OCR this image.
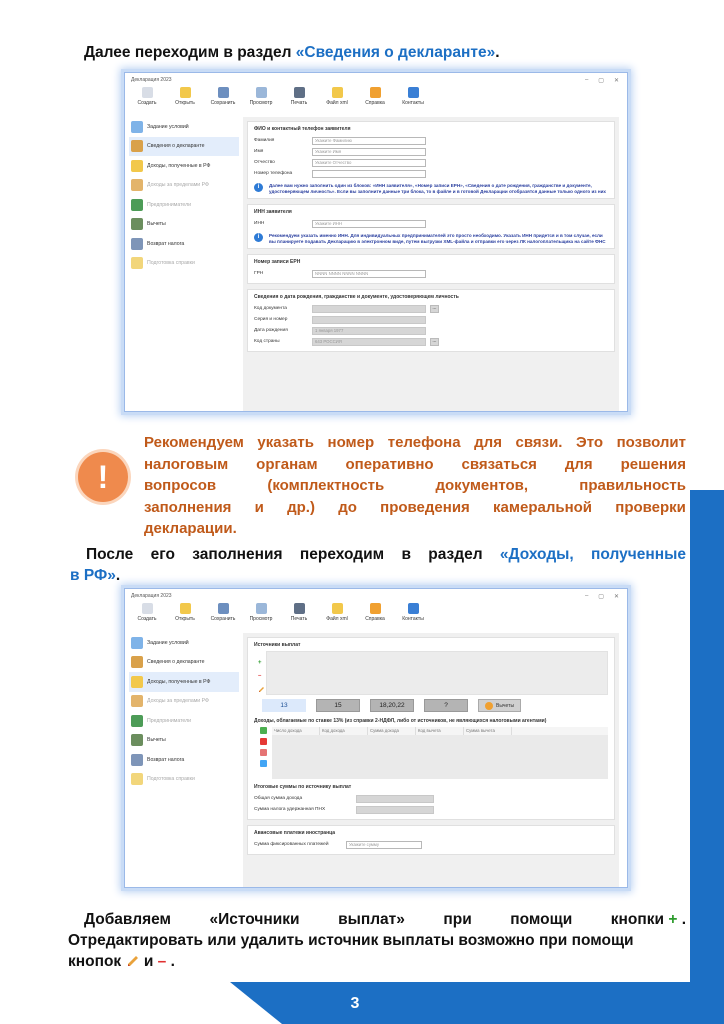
3
Далее переходим в раздел «Сведения о декларанте».
Декларация 2023	– ▢ ✕
Создать	Открыть	Сохранить	Просмотр	Печать	Файл xml	Справка	Контакты
Задание условий
Сведения о декларанте
Доходы, полученные в РФ
Доходы за пределами РФ
Предприниматели
Вычеты
Возврат налога
Подготовка справки
ФИО и контактный телефон заявителя
Фамилия	Укажите Фамилию
Имя	Укажите Имя
Отчество	Укажите Отчество
Номер телефона
i	Далее вам нужно заполнить один из блоков: «ИНН заявителя», «Номер записи ЕРН», «Сведения о дате рождения, гражданстве и документе, удостоверяющем личность». Если вы заполните данные три блока, то в файле и в готовой Декларации отобразятся данные только одного из них
ИНН заявителя
ИНН	Укажите ИНН
i	Рекомендуем указать именно ИНН. Для индивидуальных предпринимателей это просто необходимо. Указать ИНН придется и в том случае, если вы планируете подавать Декларацию в электронном виде, путем выгрузки XML-файла и отправки его через ЛК налогоплательщика на сайте ФНС
Номер записи ЕРН
ГРН	NNNN NNNN NNNN NNNN
Сведения о дата рождения, гражданстве и документе, удостоверяющем личность
Код документа	...
Серия и номер
Дата рождения	1 января 1977
Код страны	643 РОССИЯ	...
!
Рекомендуем указать номер телефона для связи. Это позволит
налоговым органам оперативно связаться для решения
вопросов	(комплектность	документов,	правильность
заполнения и др.) до проведения камеральной проверки
декларации.
После его заполнения переходим в раздел «Доходы, полученные
в РФ».
Декларация 2023	– ▢ ✕
Создать	Открыть	Сохранить	Просмотр	Печать	Файл xml	Справка	Контакты
Задание условий
Сведения о декларанте
Доходы, полученные в РФ
Доходы за пределами РФ
Предприниматели
Вычеты
Возврат налога
Подготовка справки
Источники выплат
+
–
13	15	18,20,22	?	Вычеты
Доходы, облагаемые по ставке 13% (из справки 2-НДФЛ, либо от источников, не являющихся налоговыми агентами)
Число дохода	Код дохода	Сумма дохода	Код вычета	Сумма вычета
Итоговые суммы по источнику выплат
Общая сумма дохода
Сумма налога удержанная ПНХ
Авансовые платежи иностранца
Сумма фиксированных платежей	Укажите сумму
Добавляем «Источники выплат» при помощи кнопки + .
Отредактировать или удалить источник выплаты возможно при помощи
кнопок и – .
